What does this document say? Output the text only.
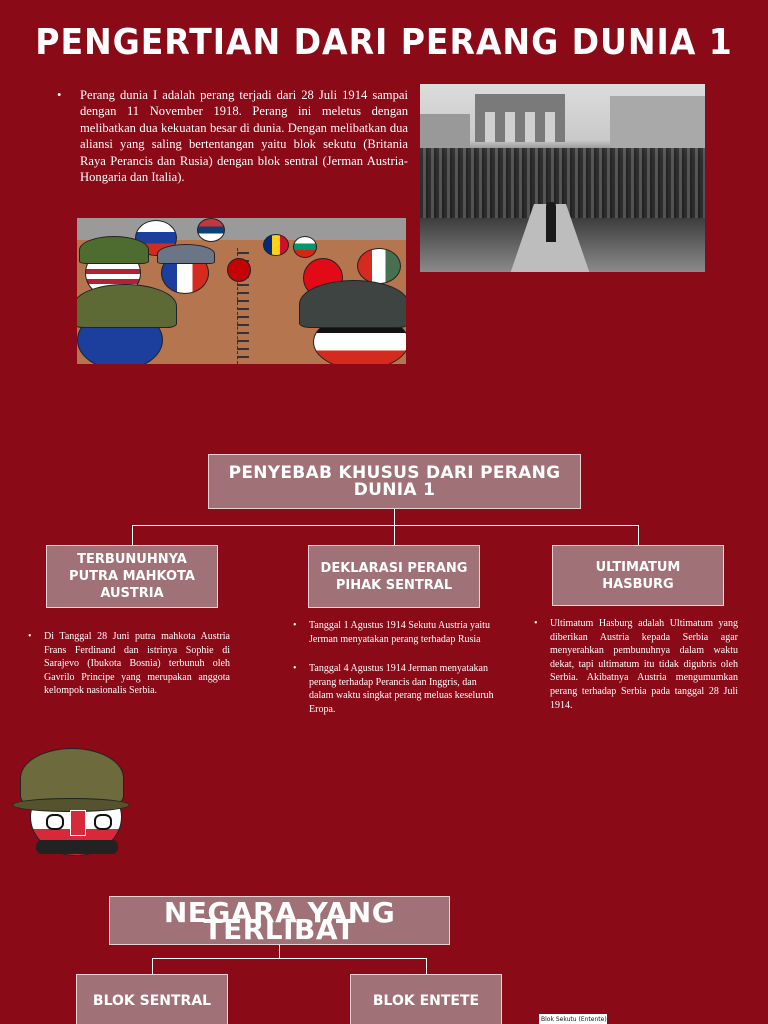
PENGERTIAN DARI PERANG DUNIA 1
•	Perang dunia I adalah perang terjadi dari 28 Juli 1914 sampai dengan 11 November 1918. Perang ini meletus dengan melibatkan dua kekuatan besar di dunia. Dengan melibatkan dua aliansi yang saling bertentangan yaitu blok sekutu (Britania Raya Perancis dan Rusia) dengan blok sentral (Jerman Austria-Hongaria dan Italia).

PENYEBAB KHUSUS DARI PERANG DUNIA 1
TERBUNUHNYA PUTRA MAHKOTA AUSTRIA
DEKLARASI PERANG PIHAK SENTRAL
ULTIMATUM HASBURG
• Di Tanggal 28 Juni putra mahkota Austria Frans Ferdinand dan istrinya Sophie di Sarajevo (Ibukota Bosnia) terbunuh oleh Gavrilo Principe yang merupakan anggota kelompok nasionalis Serbia.
• Tanggal 1 Agustus 1914 Sekutu Austria yaitu Jerman menyatakan perang terhadap Rusia
• Tanggal 4 Agustus 1914 Jerman menyatakan perang terhadap Perancis dan Inggris, dan dalam waktu singkat perang meluas keseluruh Eropa.
• Ultimatum Hasburg adalah Ultimatum yang diberikan Austria kepada Serbia agar menyerahkan pembunuhnya dalam waktu dekat, tapi ultimatum itu tidak digubris oleh Serbia. Akibatnya Austria mengumumkan perang terhadap Serbia pada tanggal 28 Juli 1914.
NEGARA YANG TERLIBAT
BLOK SENTRAL	BLOK ENTETE
Blok Sekutu (Entente)
